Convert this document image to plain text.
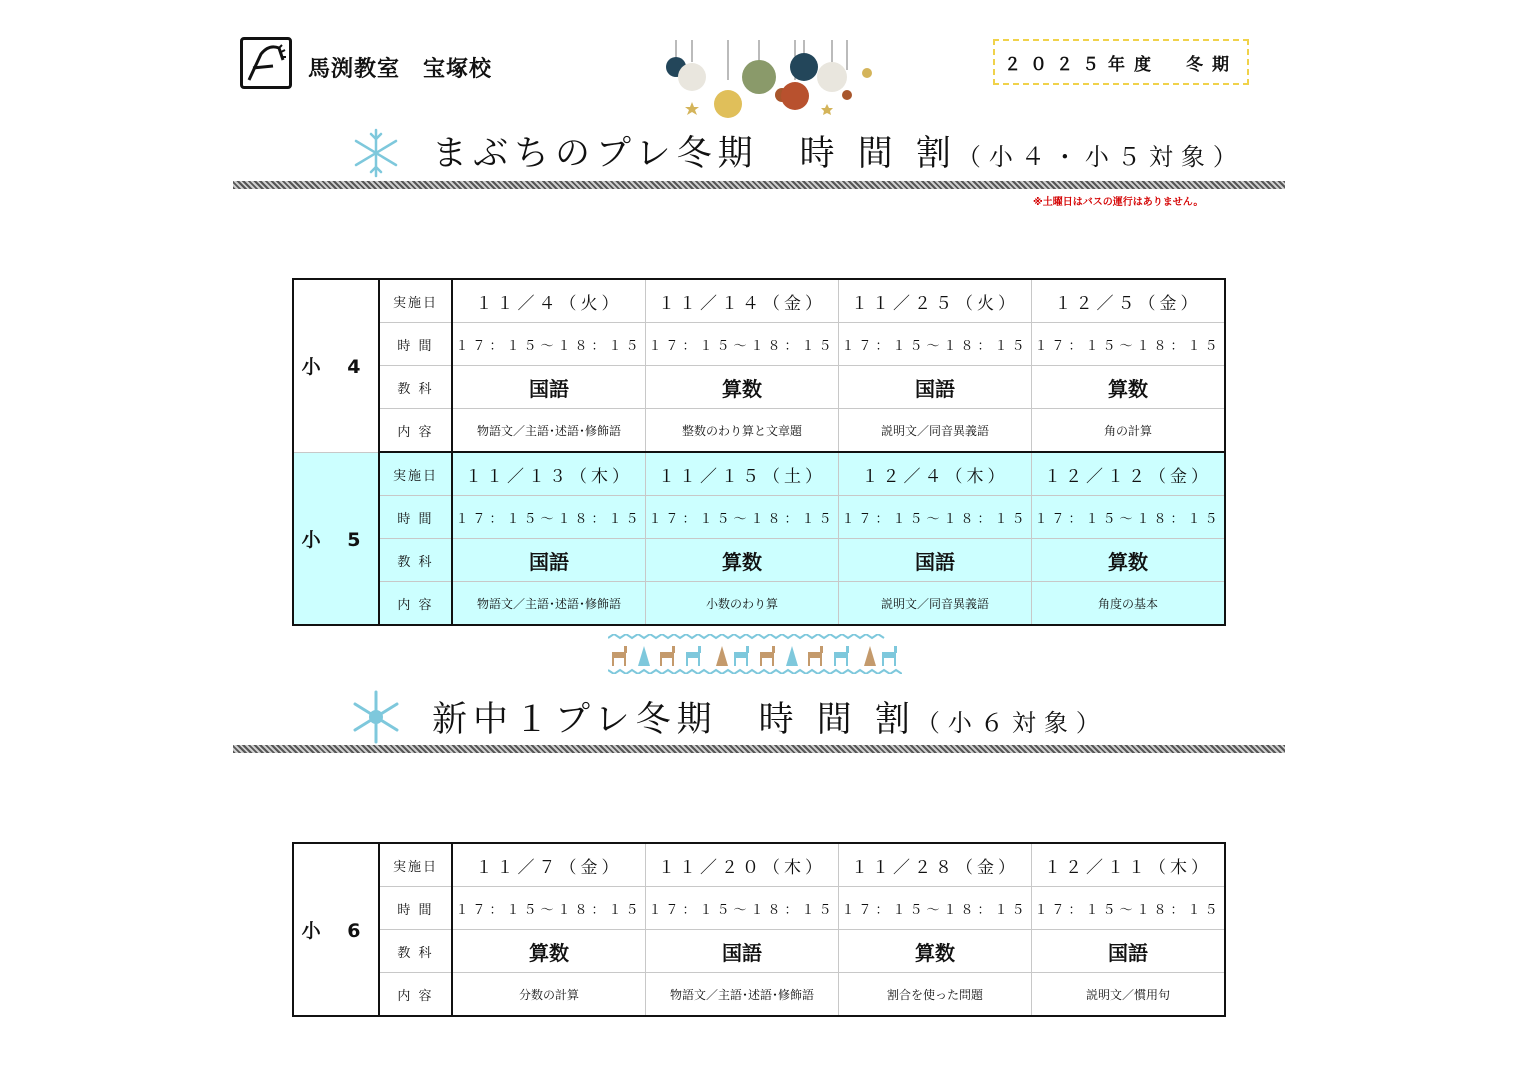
馬渕教室　宝塚校	２０２５年度　冬期
まぶちのプレ冬期　時 間 割（小４・小５対象）
※土曜日はバスの運行はありません。
小 4	実施日	１１／４（火）	１１／１４（金）	１１／２５（火）	１２／５（金）
	時 間	１７：１５～１８：１５	１７：１５～１８：１５	１７：１５～１８：１５	１７：１５～１８：１５
	教 科	国語	算数	国語	算数
	内 容	物語文／主語･述語･修飾語	整数のわり算と文章題	説明文／同音異義語	角の計算
小 5	実施日	１１／１３（木）	１１／１５（土）	１２／４（木）	１２／１２（金）
	時 間	１７：１５～１８：１５	１７：１５～１８：１５	１７：１５～１８：１５	１７：１５～１８：１５
	教 科	国語	算数	国語	算数
	内 容	物語文／主語･述語･修飾語	小数のわり算	説明文／同音異義語	角度の基本
新中１プレ冬期　時 間 割（小６対象）
小 6	実施日	１１／７（金）	１１／２０（木）	１１／２８（金）	１２／１１（木）
	時 間	１７：１５～１８：１５	１７：１５～１８：１５	１７：１５～１８：１５	１７：１５～１８：１５
	教 科	算数	国語	算数	国語
	内 容	分数の計算	物語文／主語･述語･修飾語	割合を使った問題	説明文／慣用句
